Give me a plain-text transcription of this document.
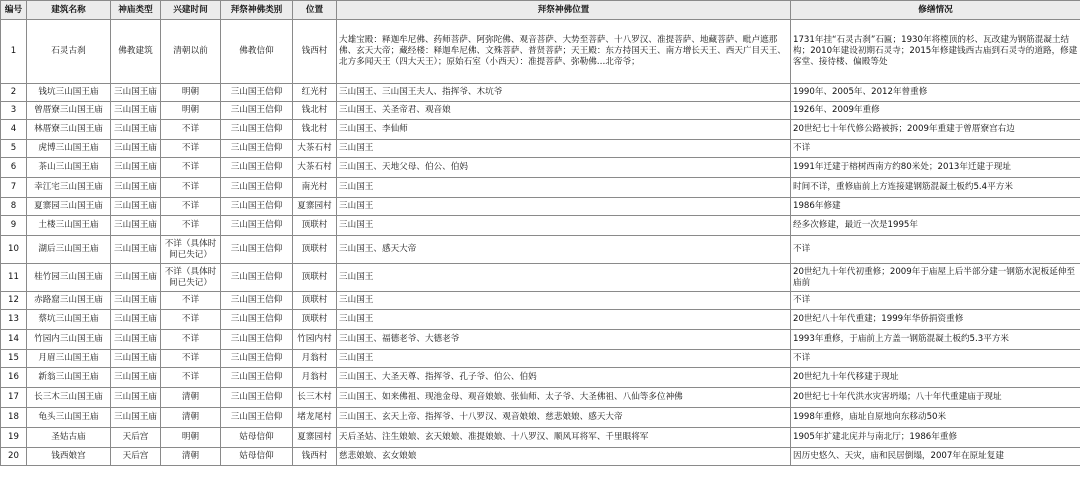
编号	建筑名称	神庙类型	兴建时间	拜祭神佛类别	位置	拜祭神佛位置	修缮情况
1	石灵古刹	佛教建筑	清朝以前	佛教信仰	钱西村	大雄宝殿：释迦牟尼佛、药师菩萨、阿弥陀佛、观音菩萨、大势至菩萨、十八罗汉、准提菩萨、地藏菩萨、毗卢遮那佛、玄天大帝；藏经楼：释迦牟尼佛、文殊菩萨、普贤菩萨；天王殿：东方持国天王、南方增长天王、西天广目天王、北方多闻天王（四大天王）；原始石室（小西天）：准提菩萨、弥勒佛…北帝爷；	1731年挂“石灵古刹”石匾；1930年将樘顶的杉、瓦改建为钢筋混凝土结构；2010年建设初期石灵寺；2015年修建钱西古庙到石灵寺的道路，修建客堂、接待楼、偏殿等处
2	钱坑三山国王庙	三山国王庙	明朝	三山国王信仰	红光村	三山国王、三山国王夫人、指挥爷、木坑爷	1990年、2005年、2012年曾重修
3	曾厝寮三山国王庙	三山国王庙	明朝	三山国王信仰	钱北村	三山国王、关圣帝君、观音娘	1926年、2009年重修
4	林厝寮三山国王庙	三山国王庙	不详	三山国王信仰	钱北村	三山国王、李仙师	20世纪七十年代修公路被拆；2009年重建于曾厝寮宫右边
5	虎博三山国王庙	三山国王庙	不详	三山国王信仰	大茶石村	三山国王	不详
6	茶山三山国王庙	三山国王庙	不详	三山国王信仰	大茶石村	三山国王、天地父母、伯公、伯妈	1991年迁建于榕树西南方约80米处；2013年迁建于现址
7	幸江宅三山国王庙	三山国王庙	不详	三山国王信仰	南光村	三山国王	时间不详，重修庙前上方连接建钢筋混凝土板约5.4平方米
8	夏寨园三山国王庙	三山国王庙	不详	三山国王信仰	夏寨园村	三山国王	1986年修建
9	土楼三山国王庙	三山国王庙	不详	三山国王信仰	顶联村	三山国王	经多次修建，最近一次是1995年
10	湖后三山国王庙	三山国王庙	不详（具体时间已失记）	三山国王信仰	顶联村	三山国王、感天大帝	不详
11	桂竹园三山国王庙	三山国王庙	不详（具体时间已失记）	三山国王信仰	顶联村	三山国王	20世纪九十年代初重修；2009年于庙屋上后半部分建一钢筋水泥板延伸至庙前
12	赤路窟三山国王庙	三山国王庙	不详	三山国王信仰	顶联村	三山国王	不详
13	蔡坑三山国王庙	三山国王庙	不详	三山国王信仰	顶联村	三山国王	20世纪八十年代重建；1999年华侨捐资重修
14	竹园内三山国王庙	三山国王庙	不详	三山国王信仰	竹园内村	三山国王、福德老爷、大德老爷	1993年重修，于庙前上方盖一钢筋混凝土板约5.3平方米
15	月眉三山国王庙	三山国王庙	不详	三山国王信仰	月翁村	三山国王	不详
16	新翁三山国王庙	三山国王庙	不详	三山国王信仰	月翁村	三山国王、大圣天尊、指挥爷、孔子爷、伯公、伯妈	20世纪九十年代移建于现址
17	长三木三山国王庙	三山国王庙	清朝	三山国王信仰	长三木村	三山国王、如来佛祖、现池金母、观音娘娘、张仙师、太子爷、大圣佛祖、八仙等多位神佛	20世纪七十年代洪水灾害坍塌；八十年代重建庙于现址
18	龟头三山国王庙	三山国王庙	清朝	三山国王信仰	堵龙尾村	三山国王、玄天上帝、指挥爷、十八罗汉、观音娘娘、慈悲娘娘、感天大帝	1998年重修，庙址自原地向东移动50米
19	圣姑古庙	天后宫	明朝	姑母信仰	夏寨园村	天后圣姑、注生娘娘、玄天娘娘、准提娘娘、十八罗汉、顺风耳将军、千里眼将军	1905年扩建北庑并与南北厅；1986年重修
20	钱西娘宫	天后宫	清朝	姑母信仰	钱西村	慈悲娘娘、玄女娘娘	因历史悠久、天灾，庙和民居倒塌，2007年在原址复建
